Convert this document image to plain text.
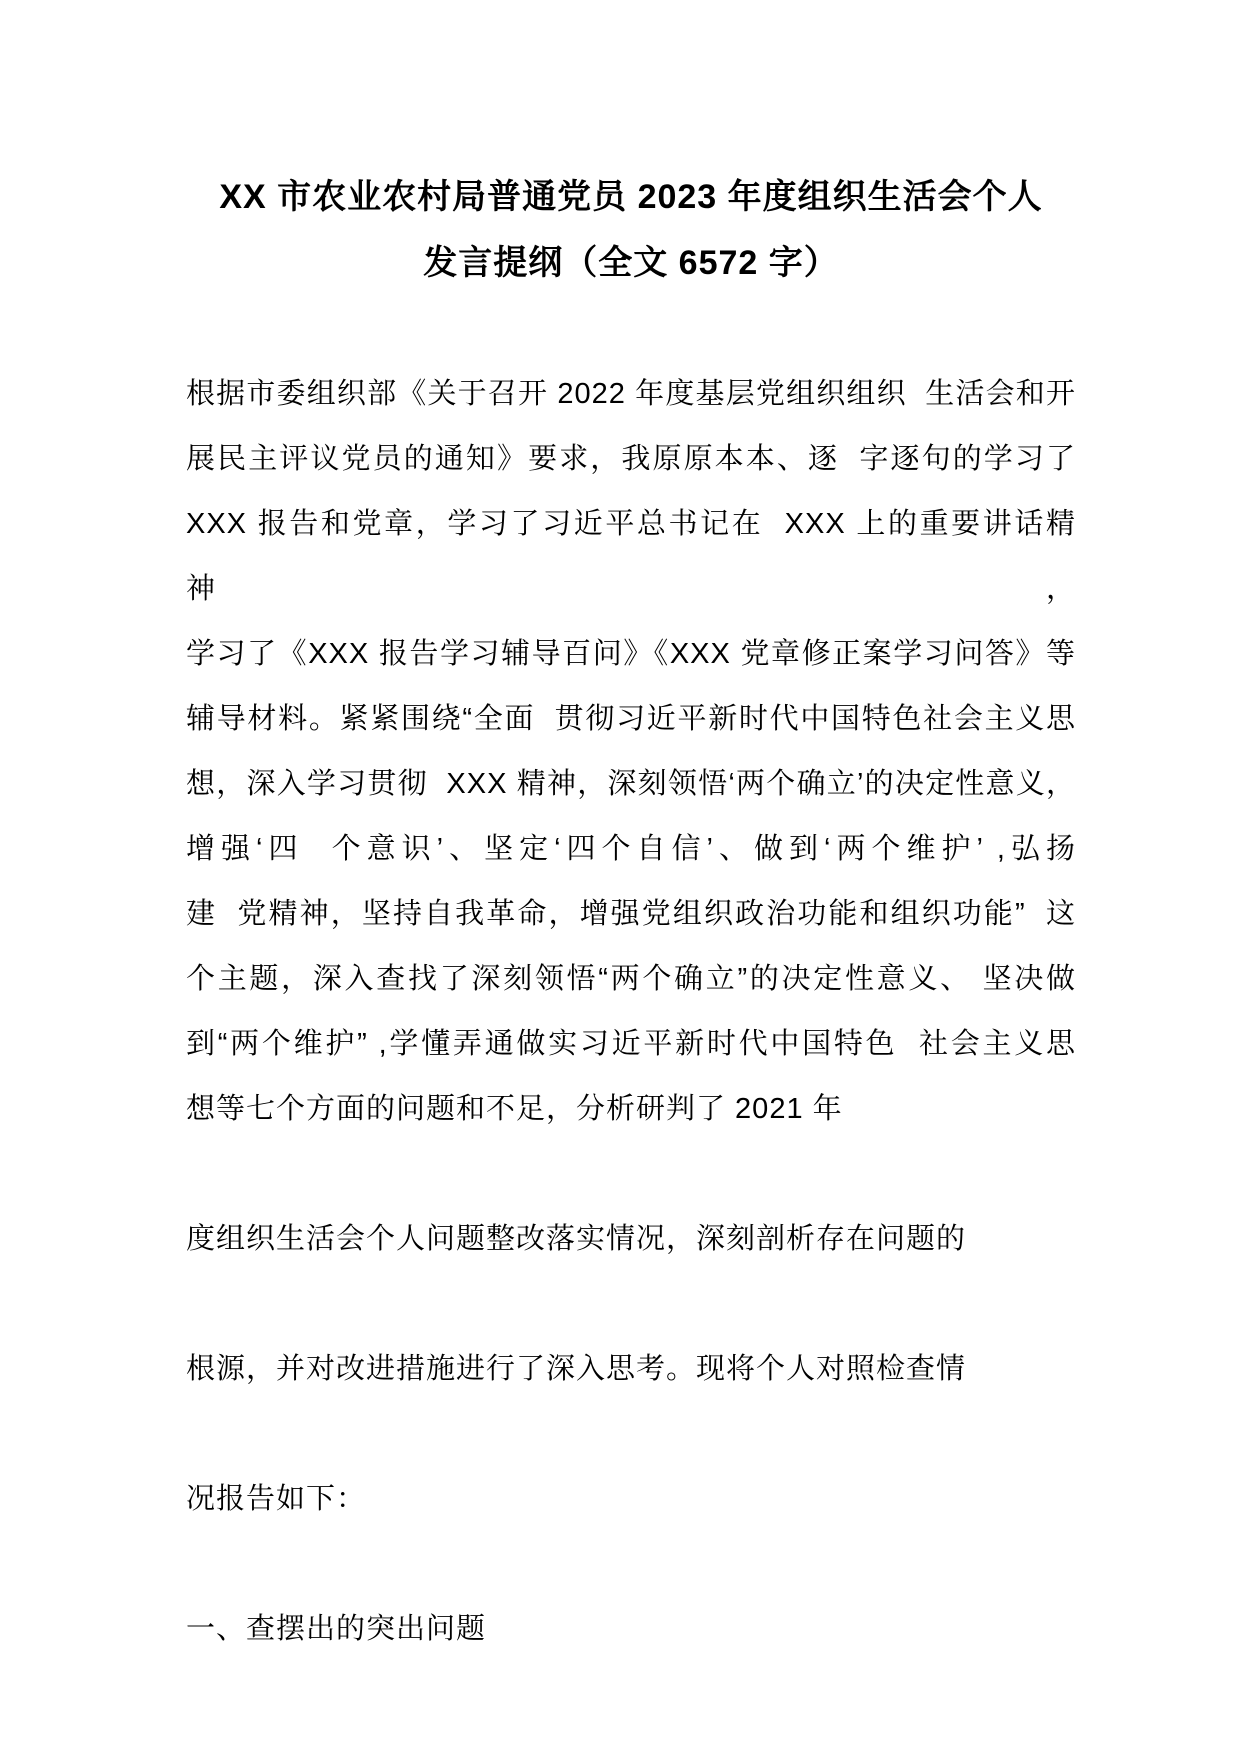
XX 市农业农村局普通党员 2023 年度组织生活会个人
发言提纲（全文 6572 字）
根据市委组织部《关于召开 2022 年度基层党组织组织  生活会和开
展民主评议党员的通知》要求，我原原本本、逐  字逐句的学习了
XXX 报告和党章，学习了习近平总书记在  XXX 上的重要讲话精神，
学习了《XXX 报告学习辅导百问》《XXX 党章修正案学习问答》等
辅导材料。紧紧围绕“全面  贯彻习近平新时代中国特色社会主义思
想，深入学习贯彻  XXX 精神，深刻领悟‘两个确立’的决定性意义，
增强‘四  个意识’、坚定‘四个自信’、做到‘两个维护’ ,弘扬
建  党精神，坚持自我革命，增强党组织政治功能和组织功能”  这
个主题，深入查找了深刻领悟“两个确立”的决定性意义、 坚决做
到“两个维护” ,学懂弄通做实习近平新时代中国特色  社会主义思
想等七个方面的问题和不足，分析研判了 2021 年
度组织生活会个人问题整改落实情况，深刻剖析存在问题的
根源，并对改进措施进行了深入思考。现将个人对照检查情
况报告如下：
一、查摆出的突出问题
